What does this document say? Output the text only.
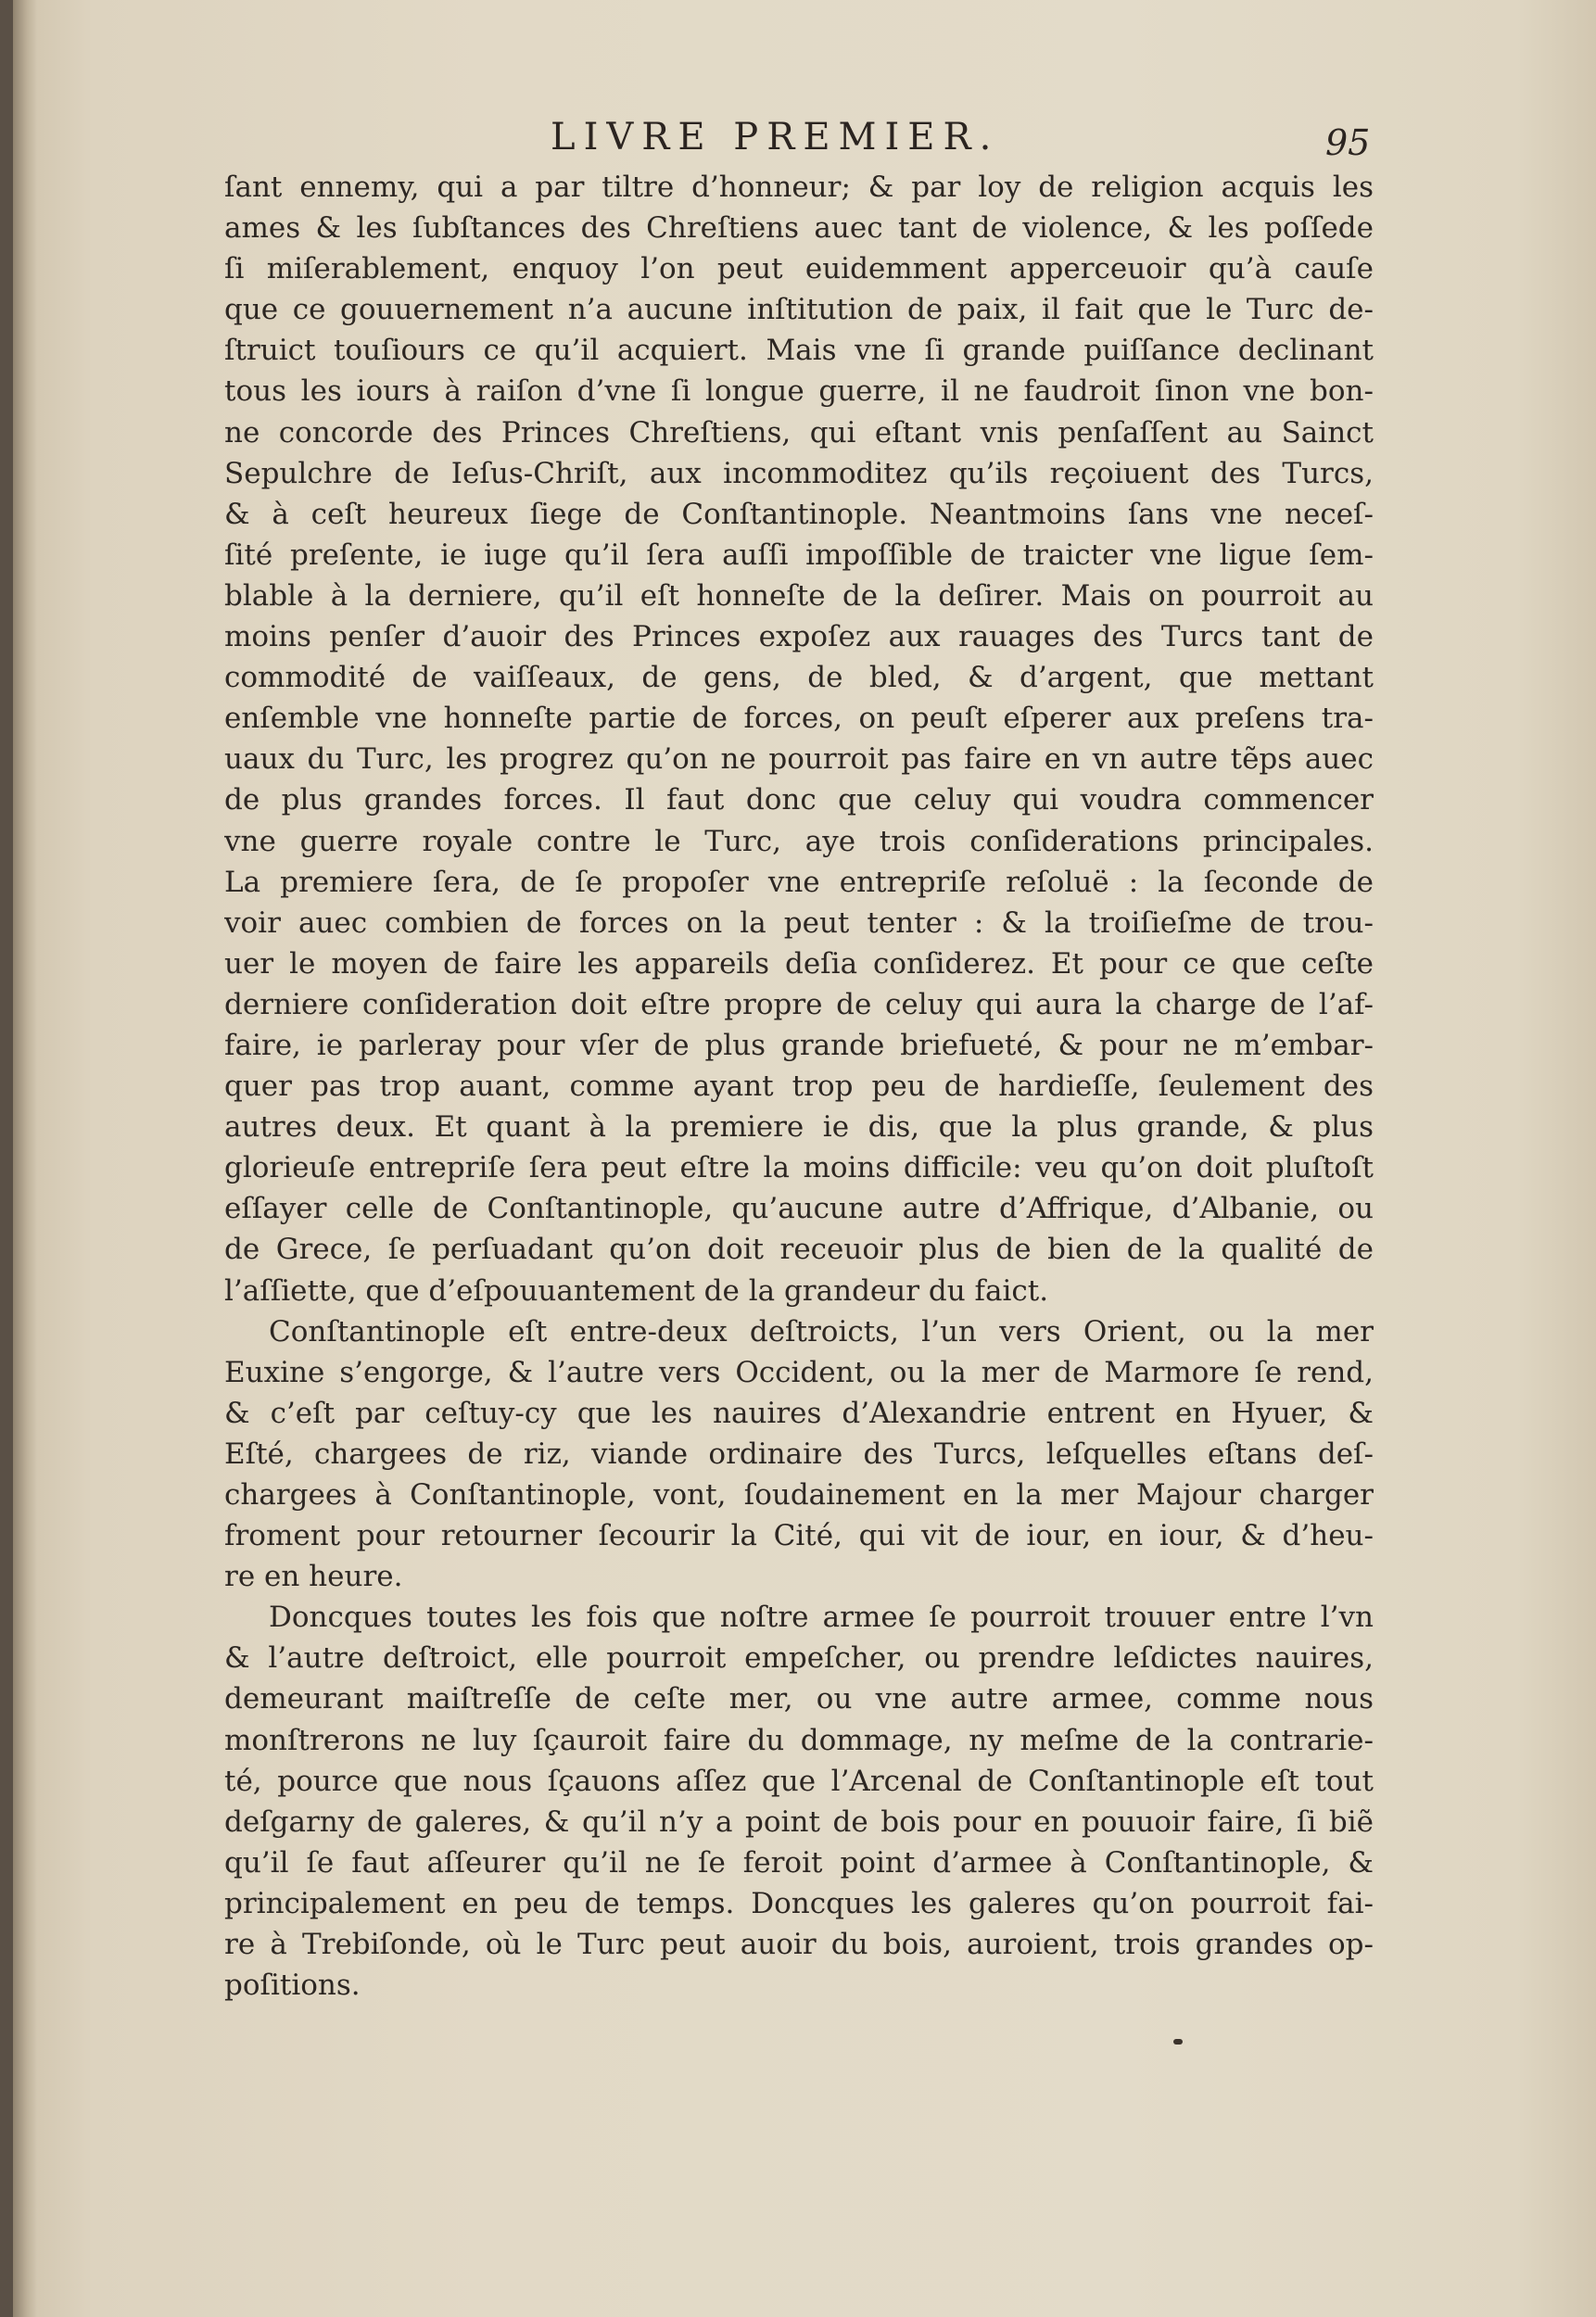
LIVRE PREMIER.	95
ſant ennemy, qui a par tiltre d’honneur; & par loy de religion acquis les
ames & les ſubſtances des Chreſtiens auec tant de violence, & les poſſede
ſi miſerablement, enquoy l’on peut euidemment apperceuoir qu’à cauſe
que ce gouuernement n’a aucune inſtitution de paix, il fait que le Turc de-
ſtruict touſiours ce qu’il acquiert. Mais vne ſi grande puiſſance declinant
tous les iours à raiſon d’vne ſi longue guerre, il ne faudroit ſinon vne bon-
ne concorde des Princes Chreſtiens, qui eſtant vnis penſaſſent au Sainct
Sepulchre de Ieſus-Chriſt, aux incommoditez qu’ils reçoiuent des Turcs,
& à ceſt heureux ſiege de Conſtantinople. Neantmoins ſans vne neceſ-
ſité preſente, ie iuge qu’il ſera auſſi impoſſible de traicter vne ligue ſem-
blable à la derniere, qu’il eſt honneſte de la deſirer. Mais on pourroit au
moins penſer d’auoir des Princes expoſez aux rauages des Turcs tant de
commodité de vaiſſeaux, de gens, de bled, & d’argent, que mettant
enſemble vne honneſte partie de forces, on peuſt eſperer aux preſens tra-
uaux du Turc, les progrez qu’on ne pourroit pas faire en vn autre tẽps auec
de plus grandes forces. Il faut donc que celuy qui voudra commencer
vne guerre royale contre le Turc, aye trois conſiderations principales.
La premiere ſera, de ſe propoſer vne entrepriſe reſoluë : la ſeconde de
voir auec combien de forces on la peut tenter : & la troiſieſme de trou-
uer le moyen de faire les appareils deſia conſiderez. Et pour ce que ceſte
derniere conſideration doit eſtre propre de celuy qui aura la charge de l’af-
faire, ie parleray pour vſer de plus grande briefueté, & pour ne m’embar-
quer pas trop auant, comme ayant trop peu de hardieſſe, ſeulement des
autres deux. Et quant à la premiere ie dis, que la plus grande, & plus
glorieuſe entrepriſe ſera peut eſtre la moins difficile: veu qu’on doit pluſtoſt
eſſayer celle de Conſtantinople, qu’aucune autre d’Affrique, d’Albanie, ou
de Grece, ſe perſuadant qu’on doit receuoir plus de bien de la qualité de
l’aſſiette, que d’eſpouuantement de la grandeur du faict.
Conſtantinople eſt entre-deux deſtroicts, l’un vers Orient, ou la mer
Euxine s’engorge, & l’autre vers Occident, ou la mer de Marmore ſe rend,
& c’eſt par ceſtuy-cy que les nauires d’Alexandrie entrent en Hyuer, &
Eſté, chargees de riz, viande ordinaire des Turcs, leſquelles eſtans deſ-
chargees à Conſtantinople, vont, ſoudainement en la mer Majour charger
froment pour retourner ſecourir la Cité, qui vit de iour, en iour, & d’heu-
re en heure.
Doncques toutes les fois que noſtre armee ſe pourroit trouuer entre l’vn
& l’autre deſtroict, elle pourroit empeſcher, ou prendre leſdictes nauires,
demeurant maiſtreſſe de ceſte mer, ou vne autre armee, comme nous
monſtrerons ne luy ſçauroit faire du dommage, ny meſme de la contrarie-
té, pource que nous ſçauons aſſez que l’Arcenal de Conſtantinople eſt tout
deſgarny de galeres, & qu’il n’y a point de bois pour en pouuoir faire, ſi biẽ
qu’il ſe faut aſſeurer qu’il ne ſe feroit point d’armee à Conſtantinople, &
principalement en peu de temps. Doncques les galeres qu’on pourroit fai-
re à Trebiſonde, où le Turc peut auoir du bois, auroient, trois grandes op-
poſitions.
